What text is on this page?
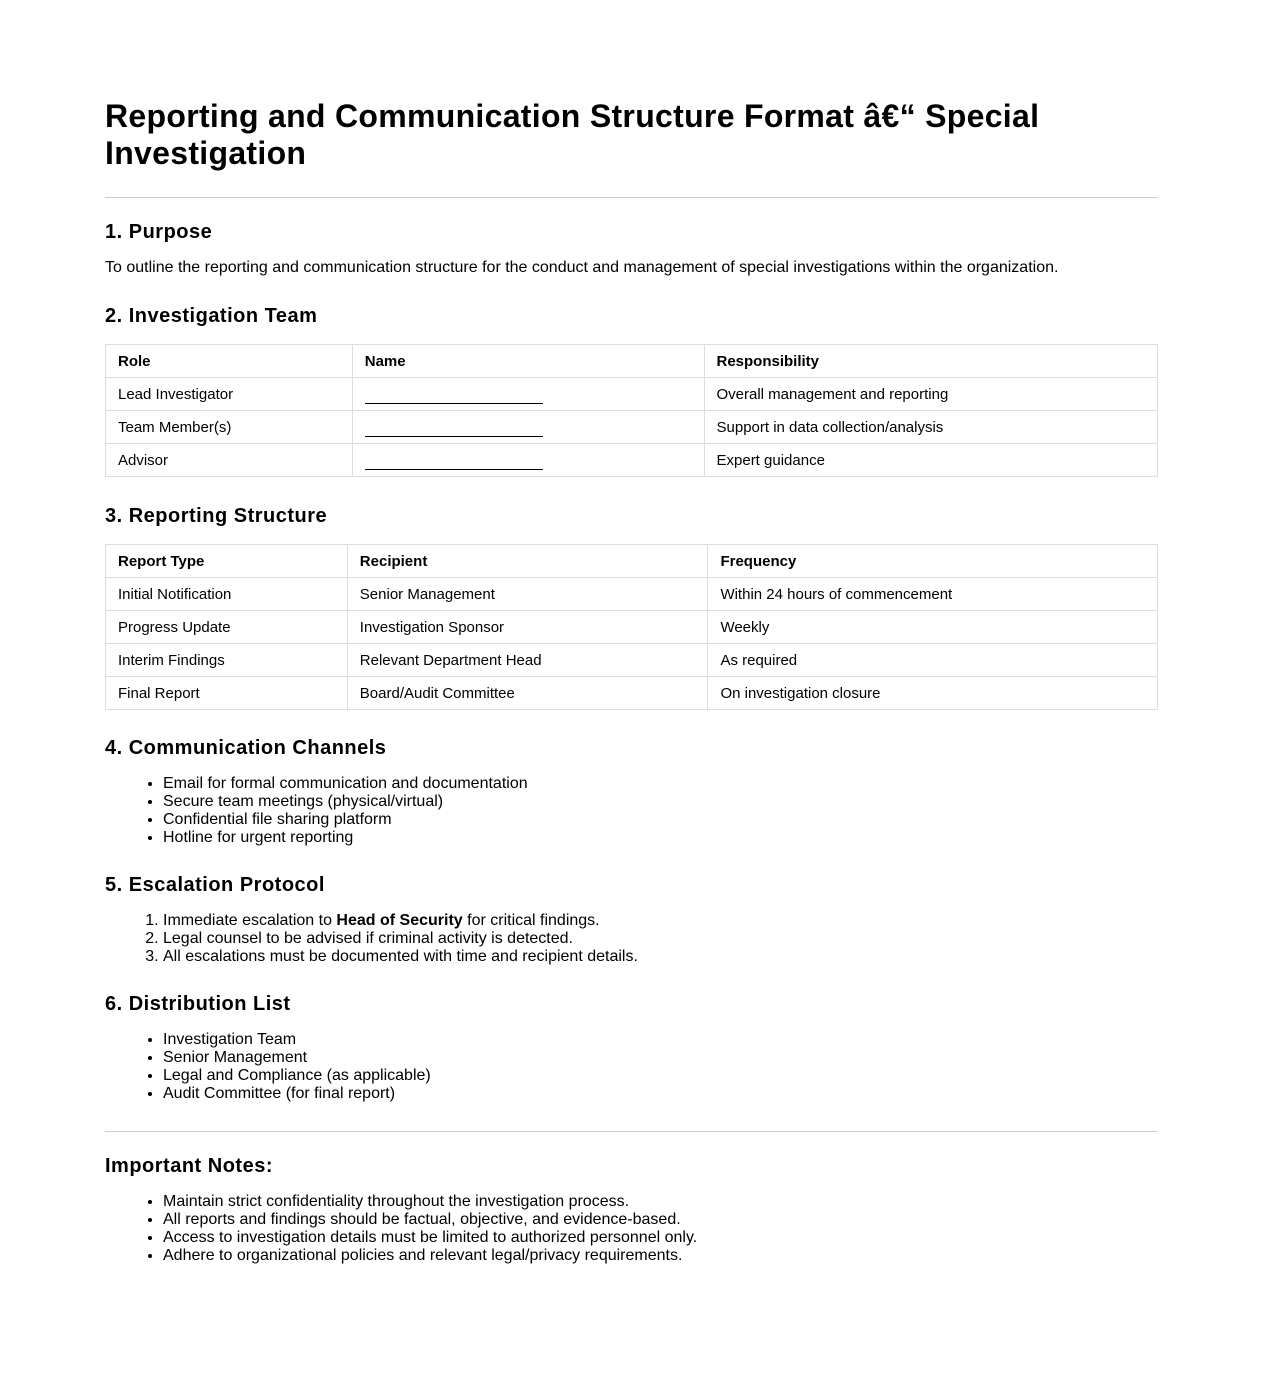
Reporting and Communication Structure Format â€“ Special Investigation
1. Purpose

To outline the reporting and communication structure for the conduct and management of special investigations within the organization.

2. Investigation Team
Role	Name	Responsibility
Lead Investigator		Overall management and reporting
Team Member(s)		Support in data collection/analysis
Advisor		Expert guidance
3. Reporting Structure
Report Type	Recipient	Frequency
Initial Notification	Senior Management	Within 24 hours of commencement
Progress Update	Investigation Sponsor	Weekly
Interim Findings	Relevant Department Head	As required
Final Report	Board/Audit Committee	On investigation closure
4. Communication Channels
• Email for formal communication and documentation
• Secure team meetings (physical/virtual)
• Confidential file sharing platform
• Hotline for urgent reporting
5. Escalation Protocol
1. Immediate escalation to Head of Security for critical findings.
2. Legal counsel to be advised if criminal activity is detected.
3. All escalations must be documented with time and recipient details.
6. Distribution List
• Investigation Team
• Senior Management
• Legal and Compliance (as applicable)
• Audit Committee (for final report)
Important Notes:
• Maintain strict confidentiality throughout the investigation process.
• All reports and findings should be factual, objective, and evidence-based.
• Access to investigation details must be limited to authorized personnel only.
• Adhere to organizational policies and relevant legal/privacy requirements.
